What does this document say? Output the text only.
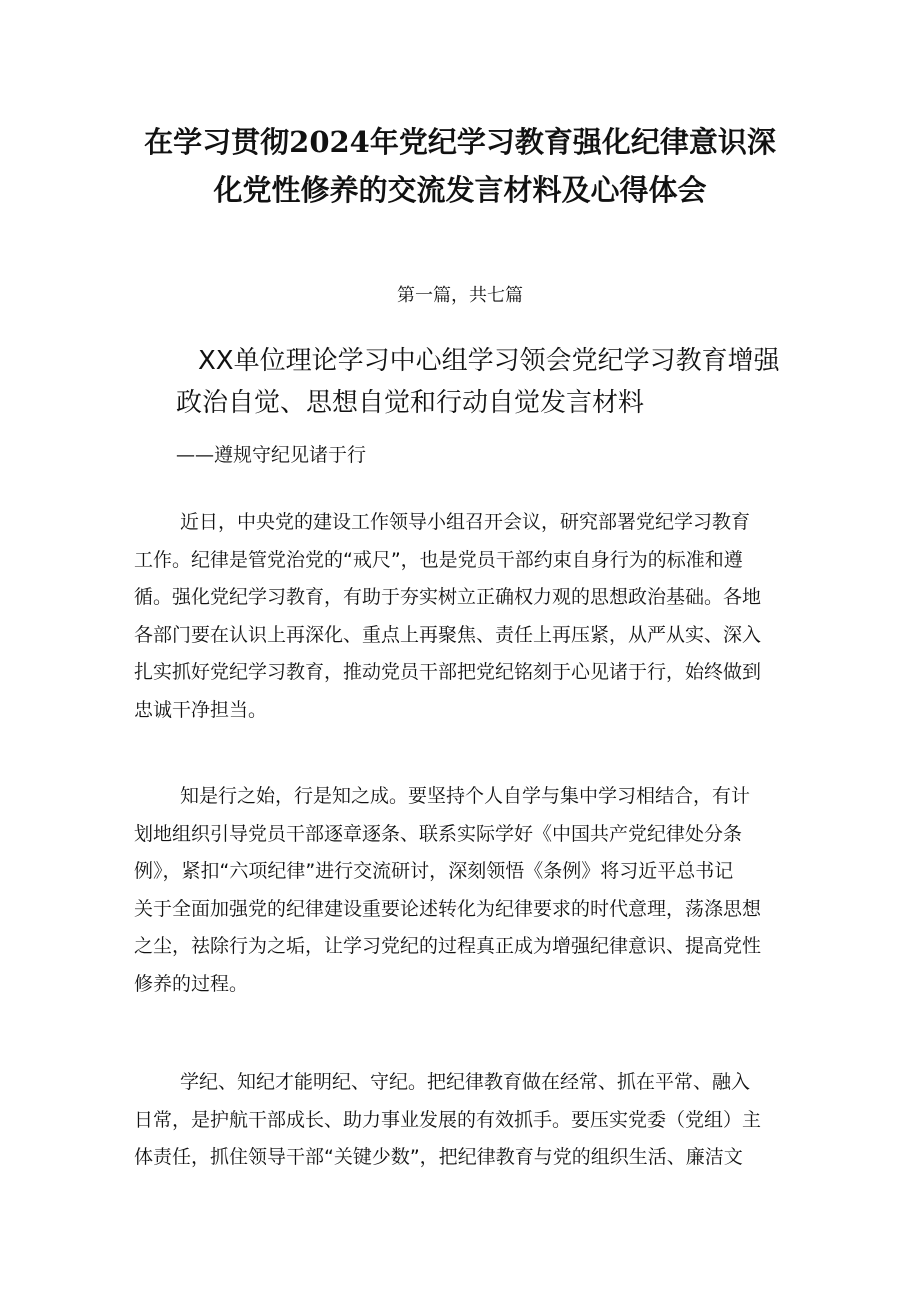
在学习贯彻2024年党纪学习教育强化纪律意识深
化党性修养的交流发言材料及心得体会
第一篇，共七篇
XX单位理论学习中心组学习领会党纪学习教育增强
政治自觉、思想自觉和行动自觉发言材料
——遵规守纪见诸于行
近日，中央党的建设工作领导小组召开会议，研究部署党纪学习教育
工作。纪律是管党治党的“戒尺”，也是党员干部约束自身行为的标准和遵
循。强化党纪学习教育，有助于夯实树立正确权力观的思想政治基础。各地
各部门要在认识上再深化、重点上再聚焦、责任上再压紧，从严从实、深入
扎实抓好党纪学习教育，推动党员干部把党纪铭刻于心见诸于行，始终做到
忠诚干净担当。
知是行之始，行是知之成。要坚持个人自学与集中学习相结合，有计
划地组织引导党员干部逐章逐条、联系实际学好《中国共产党纪律处分条
例》，紧扣“六项纪律”进行交流研讨，深刻领悟《条例》将习近平总书记
关于全面加强党的纪律建设重要论述转化为纪律要求的时代意理，荡涤思想
之尘，祛除行为之垢，让学习党纪的过程真正成为增强纪律意识、提高党性
修养的过程。
学纪、知纪才能明纪、守纪。把纪律教育做在经常、抓在平常、融入
日常，是护航干部成长、助力事业发展的有效抓手。要压实党委（党组）主
体责任，抓住领导干部“关键少数”，把纪律教育与党的组织生活、廉洁文
